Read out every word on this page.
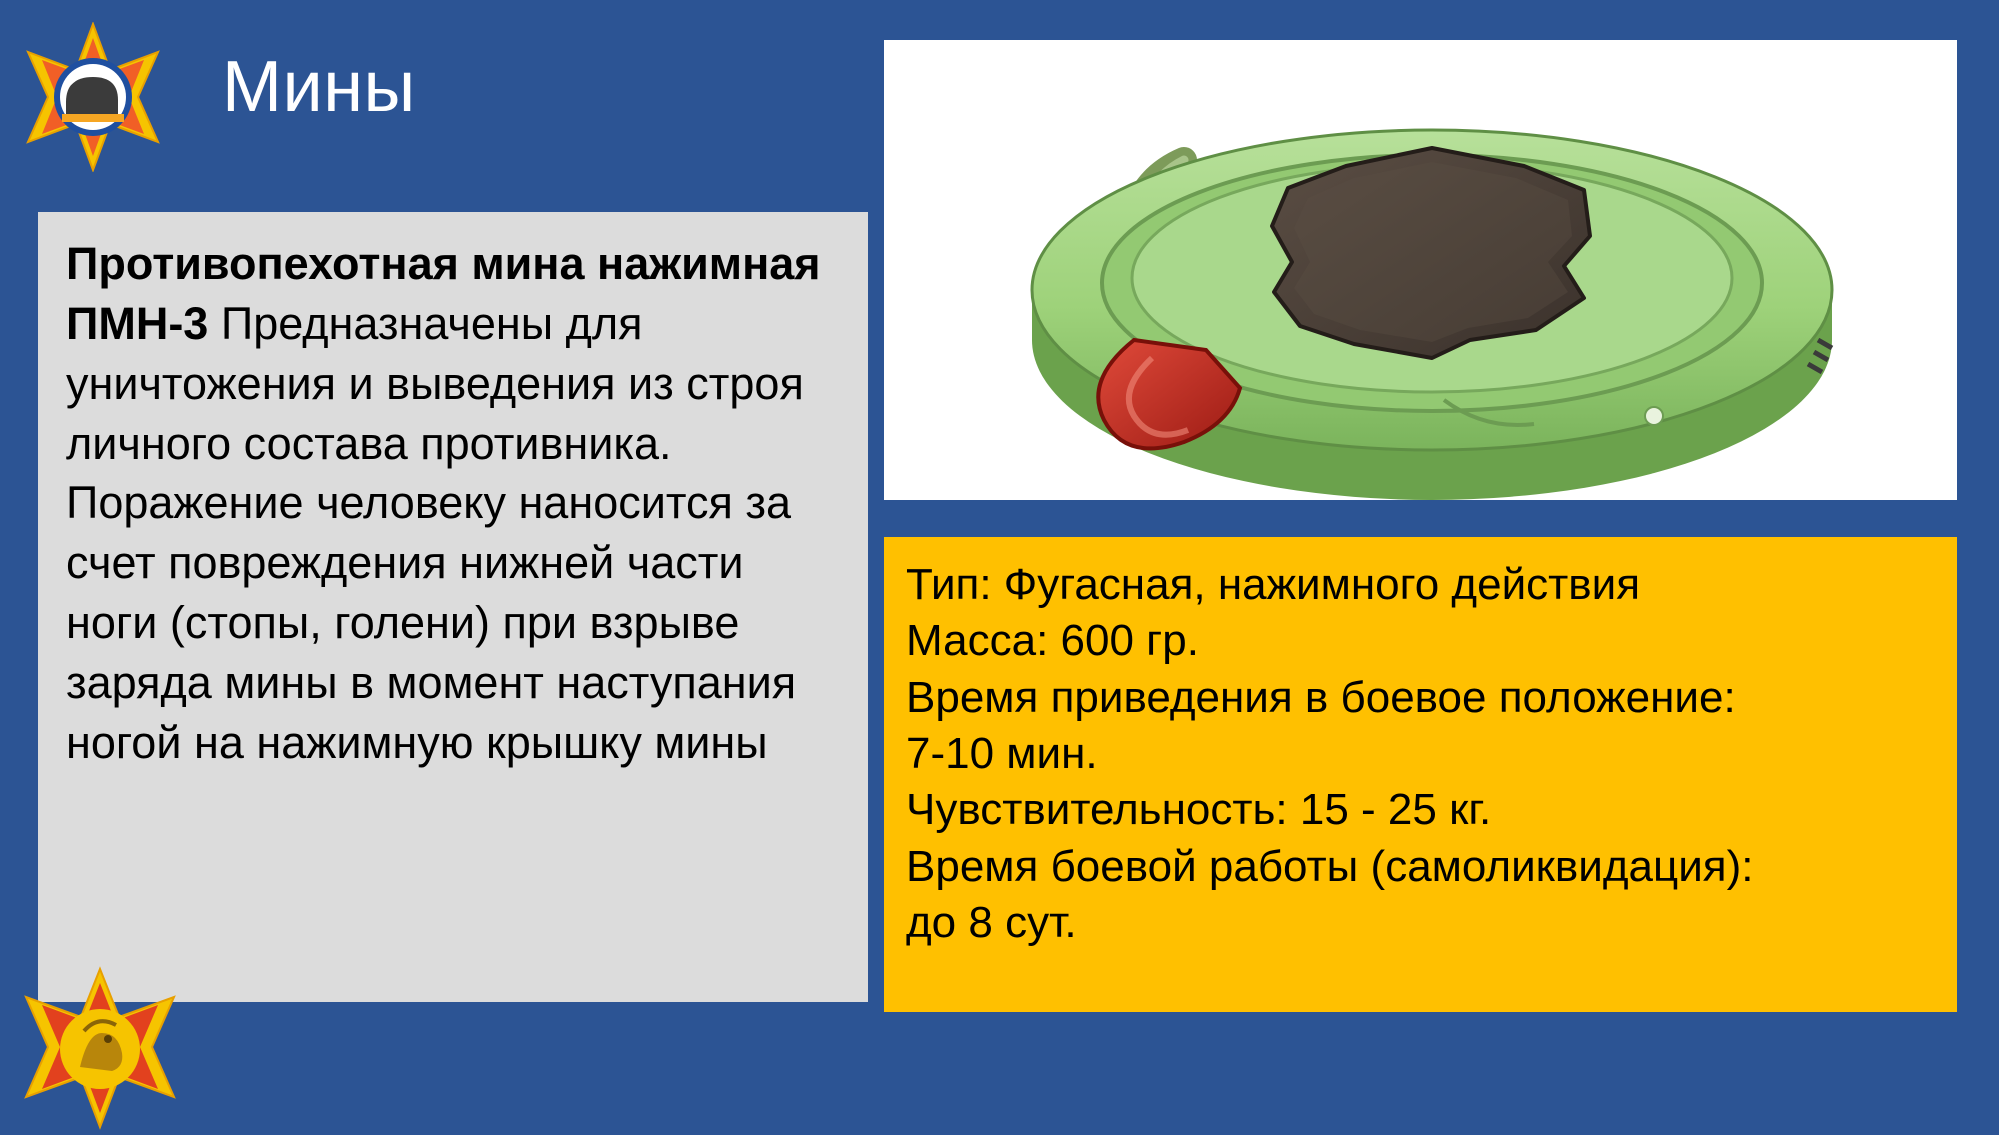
Мины
Противопехотная мина нажимная ПМН-3 Предназначены для уничтожения и выведения из строя личного состава противника. Поражение человеку наносится за счет повреждения нижней части ноги (стопы, голени) при взрыве заряда мины в момент наступания ногой на нажимную крышку мины
Тип: Фугасная, нажимного действия
Масса: 600 гр.
Время приведения в боевое положение:
7-10 мин.
Чувствительность: 15 - 25 кг.
Время боевой работы (самоликвидация):
до 8 сут.
